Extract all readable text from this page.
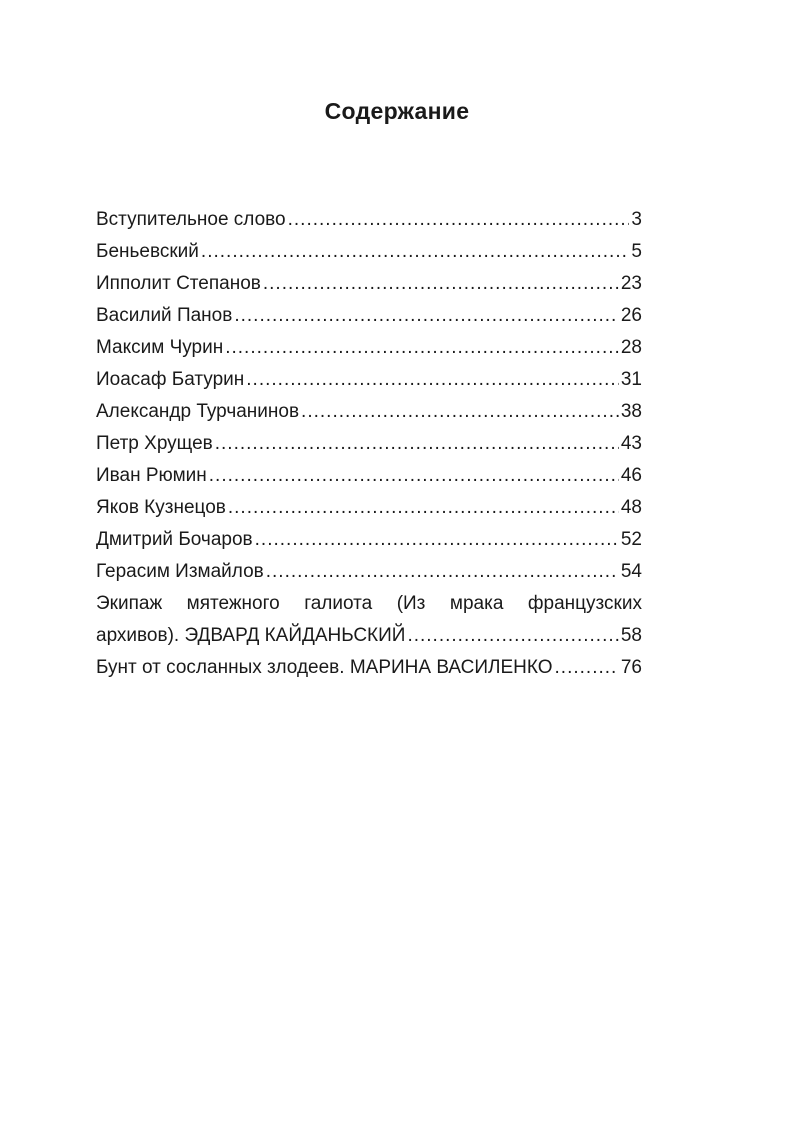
Содержание
Вступительное слово .....	3
Беньевский .....	5
Ипполит Степанов .....	23
Василий Панов .....	26
Максим Чурин .....	28
Иоасаф Батурин .....	31
Александр Турчанинов .....	38
Петр Хрущев .....	43
Иван Рюмин .....	46
Яков Кузнецов .....	48
Дмитрий Бочаров .....	52
Герасим Измайлов .....	54
Экипаж мятежного галиота (Из мрака французских
архивов). ЭДВАРД КАЙДАНЬСКИЙ .....	58
Бунт от сосланных злодеев. МАРИНА ВАСИЛЕНКО .....	76
